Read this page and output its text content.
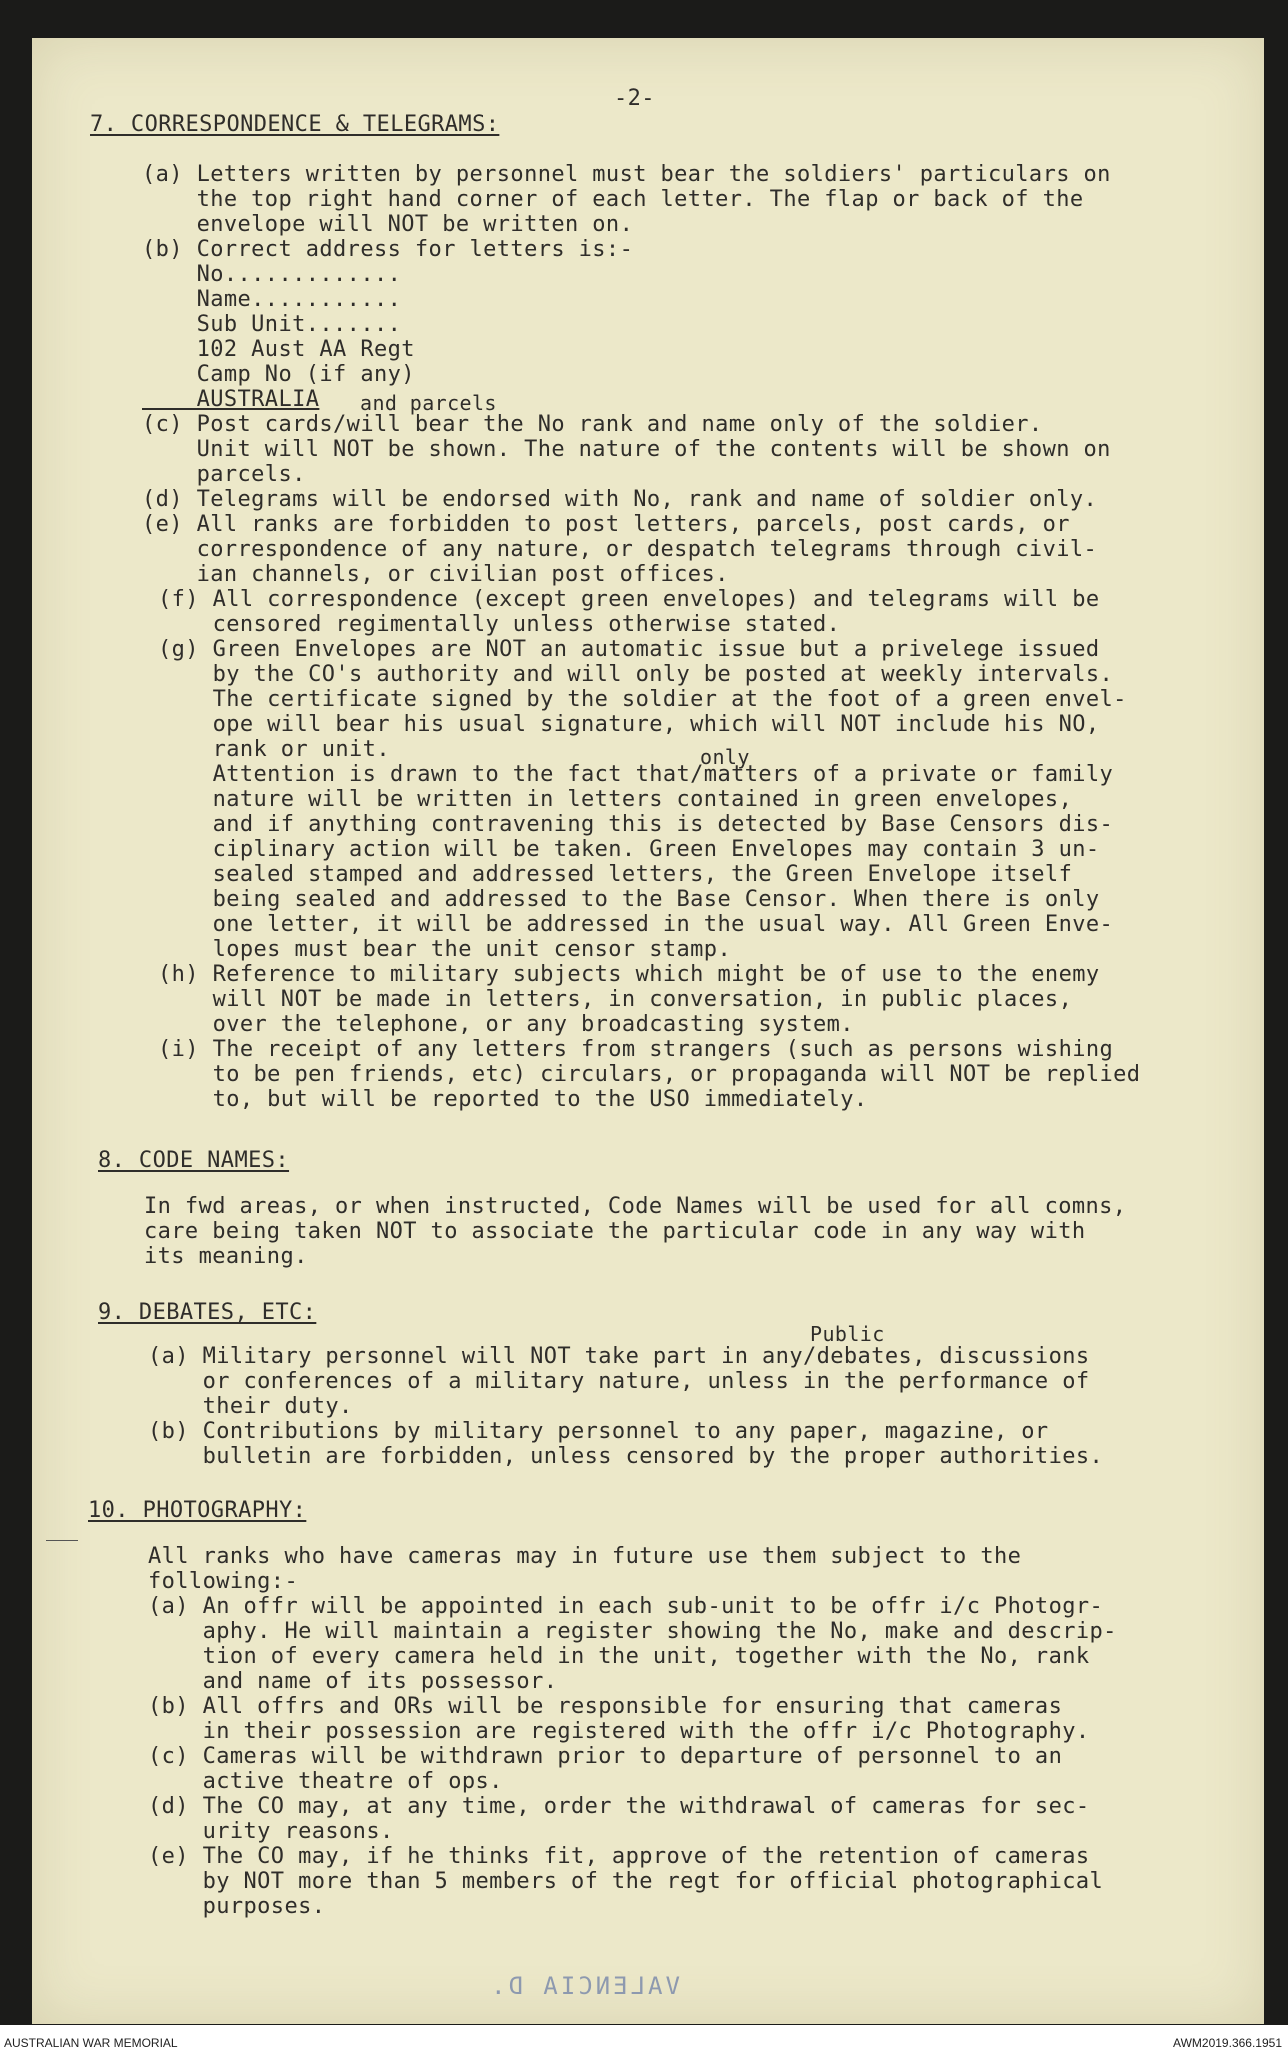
-2-
7. CORRESPONDENCE & TELEGRAMS:
(a) Letters written by personnel must bear the soldiers' particulars on
the top right hand corner of each letter. The flap or back of the
envelope will NOT be written on.
(b) Correct address for letters is:-
No.............
Name...........
Sub Unit.......
102 Aust AA Regt
Camp No (if any)
AUSTRALIA and parcels
(c) Post cards/will bear the No rank and name only of the soldier.
Unit will NOT be shown. The nature of the contents will be shown on
parcels.
(d) Telegrams will be endorsed with No, rank and name of soldier only.
(e) All ranks are forbidden to post letters, parcels, post cards, or
correspondence of any nature, or despatch telegrams through civil-
ian channels, or civilian post offices.
(f) All correspondence (except green envelopes) and telegrams will be
censored regimentally unless otherwise stated.
(g) Green Envelopes are NOT an automatic issue but a privelege issued
by the CO's authority and will only be posted at weekly intervals.
The certificate signed by the soldier at the foot of a green envel-
ope will bear his usual signature, which will NOT include his NO,
rank or unit.	only
Attention is drawn to the fact that/matters of a private or family
nature will be written in letters contained in green envelopes,
and if anything contravening this is detected by Base Censors dis-
ciplinary action will be taken. Green Envelopes may contain 3 un-
sealed stamped and addressed letters, the Green Envelope itself
being sealed and addressed to the Base Censor. When there is only
one letter, it will be addressed in the usual way. All Green Enve-
lopes must bear the unit censor stamp.
(h) Reference to military subjects which might be of use to the enemy
will NOT be made in letters, in conversation, in public places,
over the telephone, or any broadcasting system.
(i) The receipt of any letters from strangers (such as persons wishing
to be pen friends, etc) circulars, or propaganda will NOT be replied
to, but will be reported to the USO immediately.
8. CODE NAMES:
In fwd areas, or when instructed, Code Names will be used for all comns,
care being taken NOT to associate the particular code in any way with
its meaning.
9. DEBATES, ETC:
Public
(a) Military personnel will NOT take part in any/debates, discussions
or conferences of a military nature, unless in the performance of
their duty.
(b) Contributions by military personnel to any paper, magazine, or
bulletin are forbidden, unless censored by the proper authorities.
10. PHOTOGRAPHY:
All ranks who have cameras may in future use them subject to the
following:-
(a) An offr will be appointed in each sub-unit to be offr i/c Photogr-
aphy. He will maintain a register showing the No, make and descrip-
tion of every camera held in the unit, together with the No, rank
and name of its possessor.
(b) All offrs and ORs will be responsible for ensuring that cameras
in their possession are registered with the offr i/c Photography.
(c) Cameras will be withdrawn prior to departure of personnel to an
active theatre of ops.
(d) The CO may, at any time, order the withdrawal of cameras for sec-
urity reasons.
(e) The CO may, if he thinks fit, approve of the retention of cameras
by NOT more than 5 members of the regt for official photographical
purposes.
VALENCIA D.
AUSTRALIAN WAR MEMORIAL	AWM2019.366.1951
